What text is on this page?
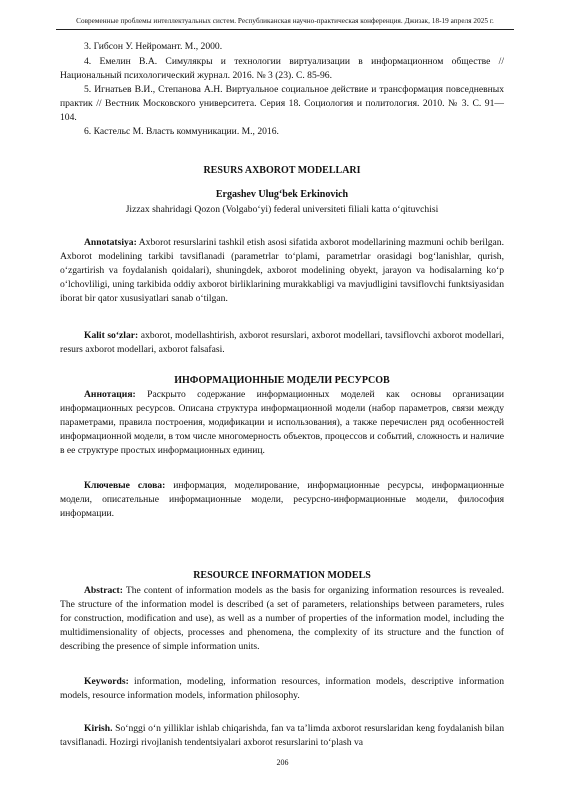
Современные проблемы интеллектуальных систем. Республиканская научно-практическая конференция. Джизак, 18-19 апреля 2025 г.
3. Гибсон У. Нейромант. М., 2000.
4. Емелин В.А. Симулякры и технологии виртуализации в информационном обществе // Национальный психологический журнал. 2016. № 3 (23). С. 85-96.
5. Игнатьев В.И., Степанова А.Н. Виртуальное социальное действие и трансформация повседневных практик // Вестник Московского университета. Серия 18. Социология и политология. 2010. № 3. С. 91—104.
6. Кастельс М. Власть коммуникации. М., 2016.
RESURS AXBOROT MODELLARI
Ergashev Ulug‘bek Erkinovich
Jizzax shahridagi Qozon (Volgabo‘yi) federal universiteti filiali katta o‘qituvchisi
Annotatsiya: Axborot resurslarini tashkil etish asosi sifatida axborot modellarining mazmuni ochib berilgan. Axborot modelining tarkibi tavsiflanadi (parametrlar to‘plami, parametrlar orasidagi bog‘lanishlar, qurish, o‘zgartirish va foydalanish qoidalari), shuningdek, axborot modelining obyekt, jarayon va hodisalarning ko‘p o‘lchovliligi, uning tarkibida oddiy axborot birliklarining murakkabligi va mavjudligini tavsiflovchi funktsiyasidan iborat bir qator xususiyatlari sanab o‘tilgan.
Kalit so‘zlar: axborot, modellashtirish, axborot resurslari, axborot modellari, tavsiflovchi axborot modellari, resurs axborot modellari, axborot falsafasi.
ИНФОРМАЦИОННЫЕ МОДЕЛИ РЕСУРСОВ
Аннотация: Раскрыто содержание информационных моделей как основы организации информационных ресурсов. Описана структура информационной модели (набор параметров, связи между параметрами, правила построения, модификации и использования), а также перечислен ряд особенностей информационной модели, в том числе многомерность объектов, процессов и событий, сложность и наличие в ее структуре простых информационных единиц.
Ключевые слова: информация, моделирование, информационные ресурсы, информационные модели, описательные информационные модели, ресурсно-информационные модели, философия информации.
RESOURCE INFORMATION MODELS
Abstract: The content of information models as the basis for organizing information resources is revealed. The structure of the information model is described (a set of parameters, relationships between parameters, rules for construction, modification and use), as well as a number of properties of the information model, including the multidimensionality of objects, processes and phenomena, the complexity of its structure and the function of describing the presence of simple information units.
Keywords: information, modeling, information resources, information models, descriptive information models, resource information models, information philosophy.
Kirish. So‘nggi o‘n yilliklar ishlab chiqarishda, fan va ta’limda axborot resurslaridan keng foydalanish bilan tavsiflanadi. Hozirgi rivojlanish tendentsiyalari axborot resurslarini to‘plash va
206
